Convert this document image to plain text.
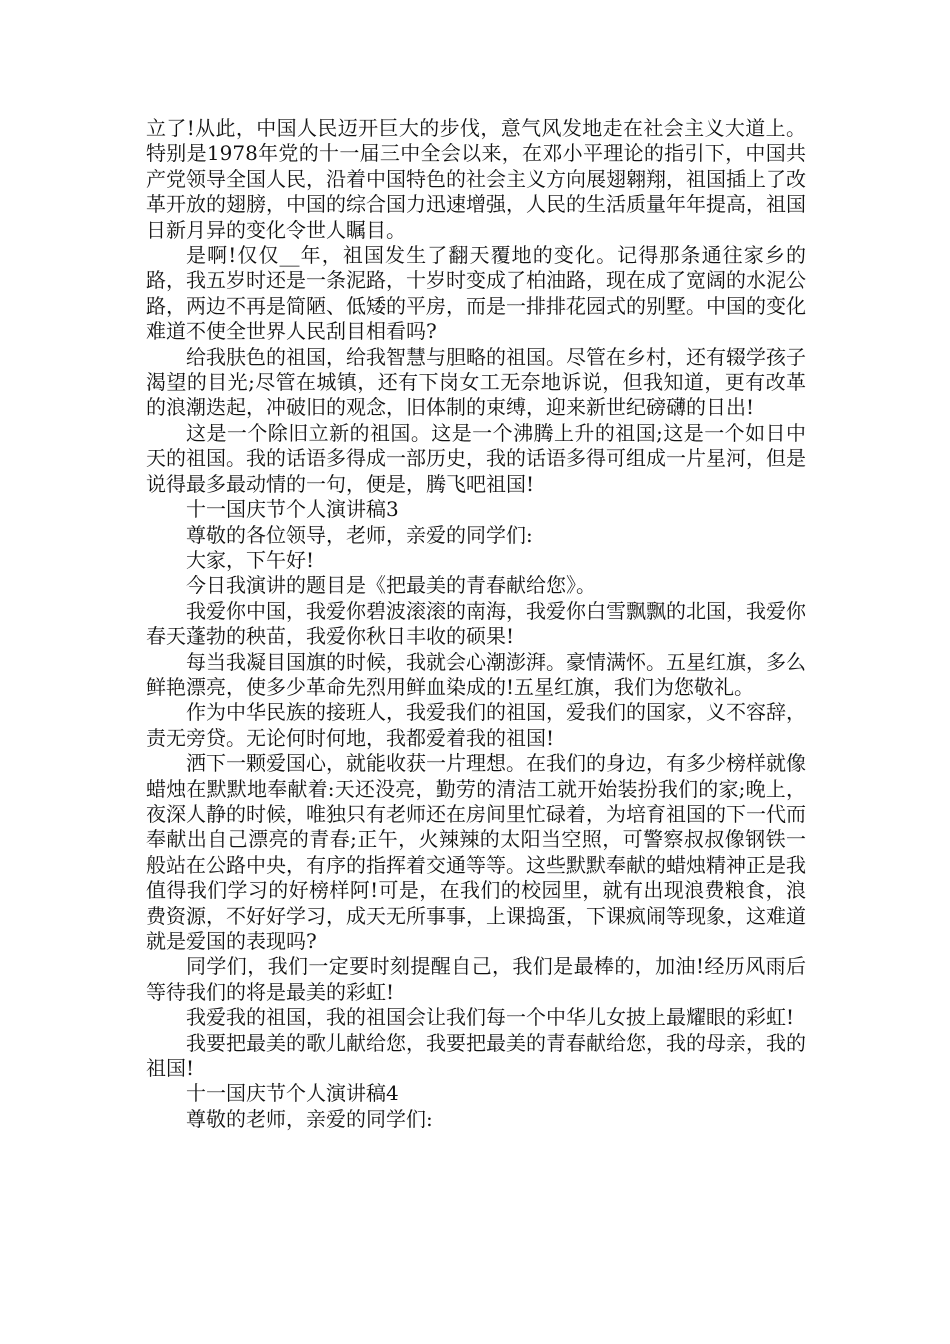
立了!从此，中国人民迈开巨大的步伐，意气风发地走在社会主义大道上。特别是1978年党的十一届三中全会以来，在邓小平理论的指引下，中国共产党领导全国人民，沿着中国特色的社会主义方向展翅翱翔，祖国插上了改革开放的翅膀，中国的综合国力迅速增强，人民的生活质量年年提高，祖国日新月异的变化令世人瞩目。

是啊!仅仅__年，祖国发生了翻天覆地的变化。记得那条通往家乡的路，我五岁时还是一条泥路，十岁时变成了柏油路，现在成了宽阔的水泥公路，两边不再是简陋、低矮的平房，而是一排排花园式的别墅。中国的变化难道不使全世界人民刮目相看吗?

给我肤色的祖国，给我智慧与胆略的祖国。尽管在乡村，还有辍学孩子渴望的目光;尽管在城镇，还有下岗女工无奈地诉说，但我知道，更有改革的浪潮迭起，冲破旧的观念，旧体制的束缚，迎来新世纪磅礴的日出!

这是一个除旧立新的祖国。这是一个沸腾上升的祖国;这是一个如日中天的祖国。我的话语多得成一部历史，我的话语多得可组成一片星河，但是说得最多最动情的一句，便是，腾飞吧祖国!

十一国庆节个人演讲稿3

尊敬的各位领导，老师，亲爱的同学们:

大家，下午好!

今日我演讲的题目是《把最美的青春献给您》。

我爱你中国，我爱你碧波滚滚的南海，我爱你白雪飘飘的北国，我爱你春天蓬勃的秧苗，我爱你秋日丰收的硕果!

每当我凝目国旗的时候，我就会心潮澎湃。豪情满怀。五星红旗，多么鲜艳漂亮，使多少革命先烈用鲜血染成的!五星红旗，我们为您敬礼。

作为中华民族的接班人，我爱我们的祖国，爱我们的国家，义不容辞，责无旁贷。无论何时何地，我都爱着我的祖国!

洒下一颗爱国心，就能收获一片理想。在我们的身边，有多少榜样就像蜡烛在默默地奉献着:天还没亮，勤劳的清洁工就开始装扮我们的家;晚上，夜深人静的时候，唯独只有老师还在房间里忙碌着，为培育祖国的下一代而奉献出自己漂亮的青春;正午，火辣辣的太阳当空照，可警察叔叔像钢铁一般站在公路中央，有序的指挥着交通等等。这些默默奉献的蜡烛精神正是我值得我们学习的好榜样阿!可是，在我们的校园里，就有出现浪费粮食，浪费资源，不好好学习，成天无所事事，上课捣蛋，下课疯闹等现象，这难道就是爱国的表现吗?

同学们，我们一定要时刻提醒自己，我们是最棒的，加油!经历风雨后等待我们的将是最美的彩虹!

我爱我的祖国，我的祖国会让我们每一个中华儿女披上最耀眼的彩虹!

我要把最美的歌儿献给您，我要把最美的青春献给您，我的母亲，我的祖国!

十一国庆节个人演讲稿4

尊敬的老师，亲爱的同学们:
